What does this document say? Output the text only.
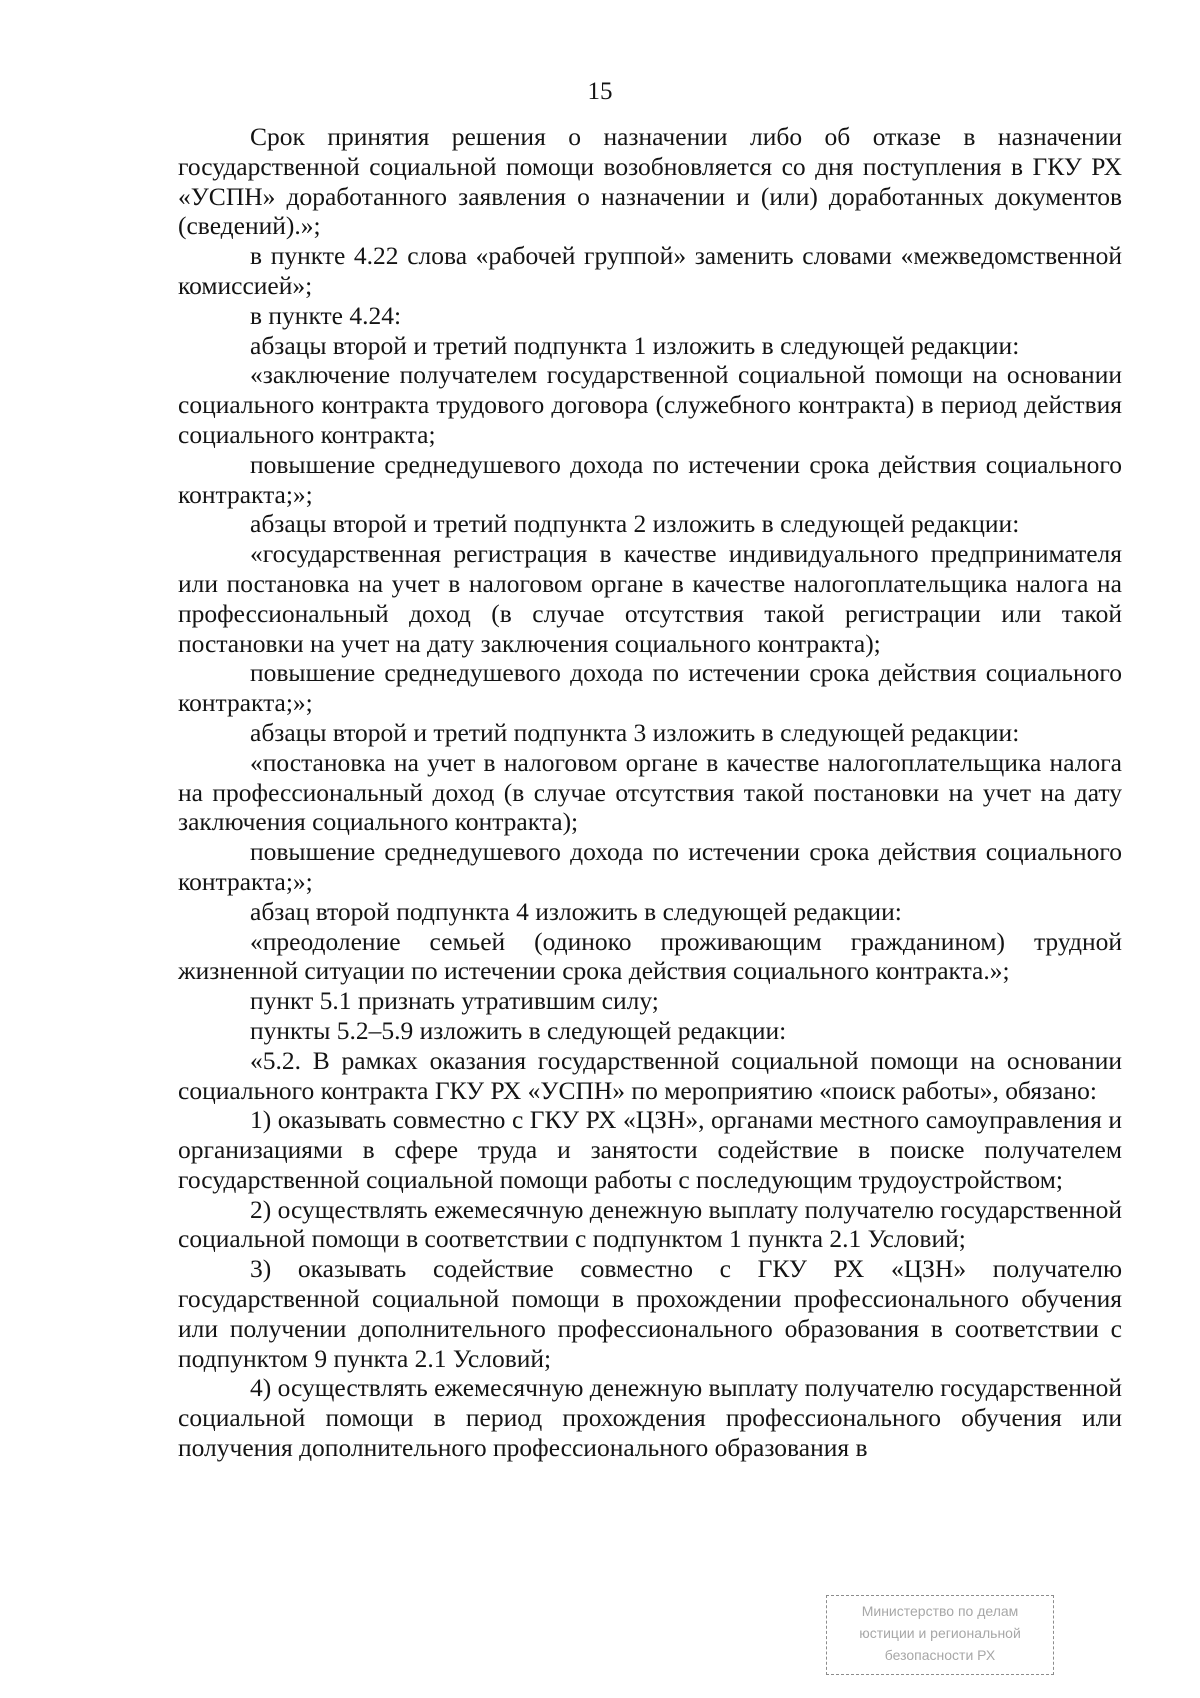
15

Срок принятия решения о назначении либо об отказе в назначении государственной социальной помощи возобновляется со дня поступления в ГКУ РХ «УСПН» доработанного заявления о назначении и (или) доработанных документов (сведений).»;

в пункте 4.22 слова «рабочей группой» заменить словами «межведомственной комиссией»;

в пункте 4.24:

абзацы второй и третий подпункта 1 изложить в следующей редакции:

«заключение получателем государственной социальной помощи на основании социального контракта трудового договора (служебного контракта) в период действия социального контракта;

повышение среднедушевого дохода по истечении срока действия социального контракта;»;

абзацы второй и третий подпункта 2 изложить в следующей редакции:

«государственная регистрация в качестве индивидуального предпринимателя или постановка на учет в налоговом органе в качестве налогоплательщика налога на профессиональный доход (в случае отсутствия такой регистрации или такой постановки на учет на дату заключения социального контракта);

повышение среднедушевого дохода по истечении срока действия социального контракта;»;

абзацы второй и третий подпункта 3 изложить в следующей редакции:

«постановка на учет в налоговом органе в качестве налогоплательщика налога на профессиональный доход (в случае отсутствия такой постановки на учет на дату заключения социального контракта);

повышение среднедушевого дохода по истечении срока действия социального контракта;»;

абзац второй подпункта 4 изложить в следующей редакции:

«преодоление семьей (одиноко проживающим гражданином) трудной жизненной ситуации по истечении срока действия социального контракта.»;

пункт 5.1 признать утратившим силу;

пункты 5.2–5.9 изложить в следующей редакции:

«5.2. В рамках оказания государственной социальной помощи на основании социального контракта ГКУ РХ «УСПН» по мероприятию «поиск работы», обязано:

1) оказывать совместно с ГКУ РХ «ЦЗН», органами местного самоуправления и организациями в сфере труда и занятости содействие в поиске получателем государственной социальной помощи работы с последующим трудоустройством;

2) осуществлять ежемесячную денежную выплату получателю государственной социальной помощи в соответствии с подпунктом 1 пункта 2.1 Условий;

3) оказывать содействие совместно с ГКУ РХ «ЦЗН» получателю государственной социальной помощи в прохождении профессионального обучения или получении дополнительного профессионального образования в соответствии с подпунктом 9 пункта 2.1 Условий;

4) осуществлять ежемесячную денежную выплату получателю государственной социальной помощи в период прохождения профессионального обучения или получения дополнительного профессионального образования в

Министерство по делам
юстиции и региональной
безопасности РХ
